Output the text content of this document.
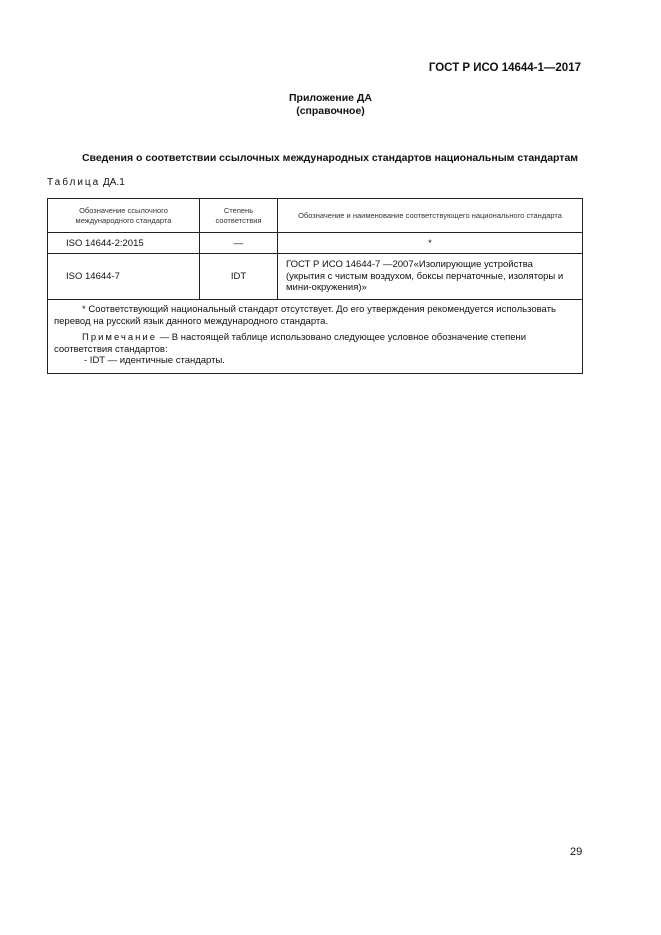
ГОСТ Р ИСО 14644-1—2017
Приложение ДА
(справочное)
Сведения о соответствии ссылочных международных стандартов национальным стандартам
Таблица ДА.1
Обозначение ссылочного международного стандарта	Степень соответствия	Обозначение и наименование соответствующего национального стандарта
ISO 14644-2:2015	—	*
ISO 14644-7	IDT	ГОСТ Р ИСО 14644-7 —2007«Изолирующие устройства (укрытия с чистым воздухом, боксы перчаточные, изоляторы и мини-окружения)»

* Соответствующий национальный стандарт отсутствует. До его утверждения рекомендуется использовать перевод на русский язык данного международного стандарта.

Примечание — В настоящей таблице использовано следующее условное обозначение степени соответствия стандартов:

- IDT — идентичные стандарты.		

29
